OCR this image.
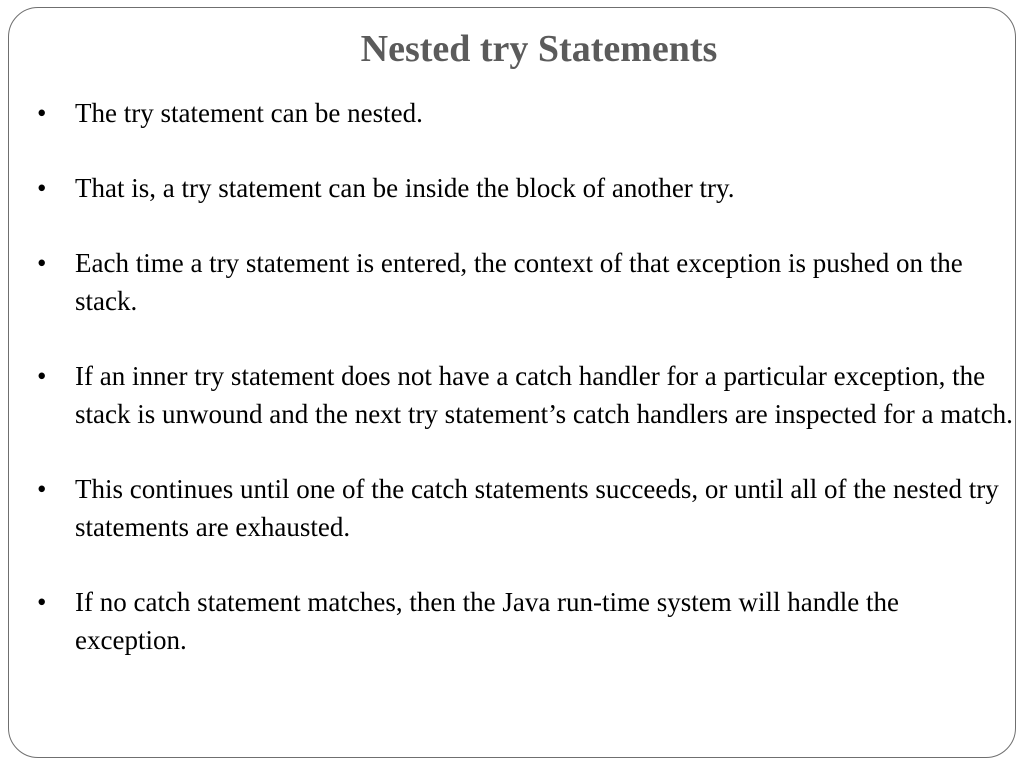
Nested try Statements
• The try statement can be nested.
• That is, a try statement can be inside the block of another try.
• Each time a try statement is entered, the context of that exception is pushed on the stack.
• If an inner try statement does not have a catch handler for a particular exception, the stack is unwound and the next try statement’s catch handlers are inspected for a match.
• This continues until one of the catch statements succeeds, or until all of the nested try statements are exhausted.
• If no catch statement matches, then the Java run-time system will handle the exception.
